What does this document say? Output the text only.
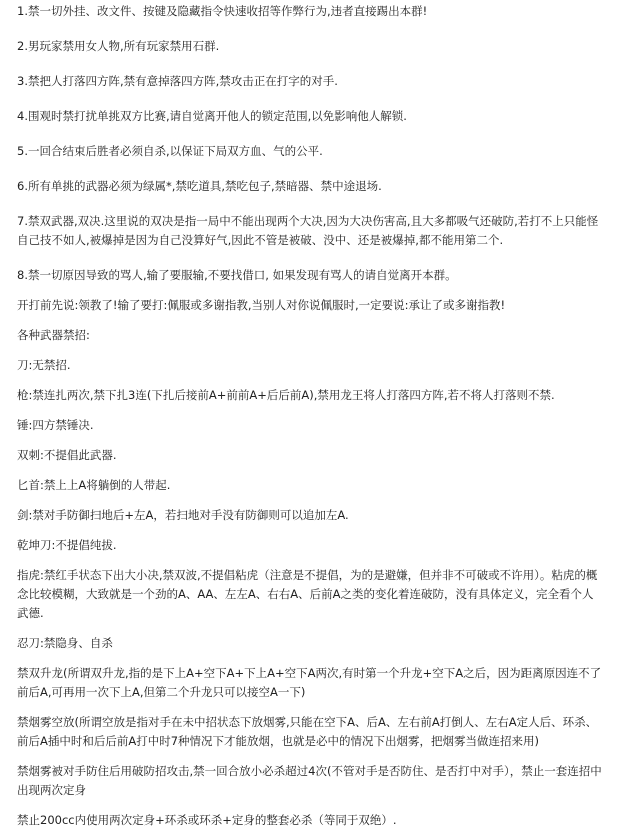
1.禁一切外挂、改文件、按键及隐藏指令快速收招等作弊行为,违者直接踢出本群!

2.男玩家禁用女人物,所有玩家禁用石群.

3.禁把人打落四方阵,禁有意掉落四方阵,禁攻击正在打字的对手.

4.围观时禁打扰单挑双方比赛,请自觉离开他人的锁定范围,以免影响他人解锁.

5.一回合结束后胜者必须自杀,以保证下局双方血、气的公平.

6.所有单挑的武器必须为绿属*,禁吃道具,禁吃包子,禁暗器、禁中途退场.

7.禁双武器,双决.这里说的双决是指一局中不能出现两个大决,因为大决伤害高,且大多都吸气还破防,若打不上只能怪自己技不如人,被爆掉是因为自己没算好气,因此不管是被破、没中、还是被爆掉,都不能用第二个.

8.禁一切原因导致的骂人,输了要服输,不要找借口, 如果发现有骂人的请自觉离开本群。

开打前先说:领教了!输了要打:佩服或多谢指教,当别人对你说佩服时,一定要说:承让了或多谢指教!

各种武器禁招:

刀:无禁招.

枪:禁连扎两次,禁下扎3连(下扎后接前A+前前A+后后前A),禁用龙王将人打落四方阵,若不将人打落则不禁.

锤:四方禁锤决.

双刺:不提倡此武器.

匕首:禁上上A将躺倒的人带起.

剑:禁对手防御扫地后+左A，若扫地对手没有防御则可以追加左A.

乾坤刀:不提倡纯拔.

指虎:禁红手状态下出大小决,禁双波,不提倡粘虎（注意是不提倡，为的是避嫌，但并非不可破或不许用）。粘虎的概念比较模糊，大致就是一个劲的A、AA、左左A、右右A、后前A之类的变化着连破防，没有具体定义，完全看个人武德.

忍刀:禁隐身、自杀

禁双升龙(所谓双升龙,指的是下上A+空下A+下上A+空下A两次,有时第一个升龙+空下A之后，因为距离原因连不了前后A,可再用一次下上A,但第二个升龙只可以接空A一下)

禁烟雾空放(所谓空放是指对手在未中招状态下放烟雾,只能在空下A、后A、左右前A打倒人、左右A定人后、环杀、前后A插中时和后后前A打中时7种情况下才能放烟，也就是必中的情况下出烟雾，把烟雾当做连招来用)

禁烟雾被对手防住后用破防招攻击,禁一回合放小必杀超过4次(不管对手是否防住、是否打中对手），禁止一套连招中出现两次定身

禁止200cc内使用两次定身+环杀或环杀+定身的整套必杀（等同于双绝）.
